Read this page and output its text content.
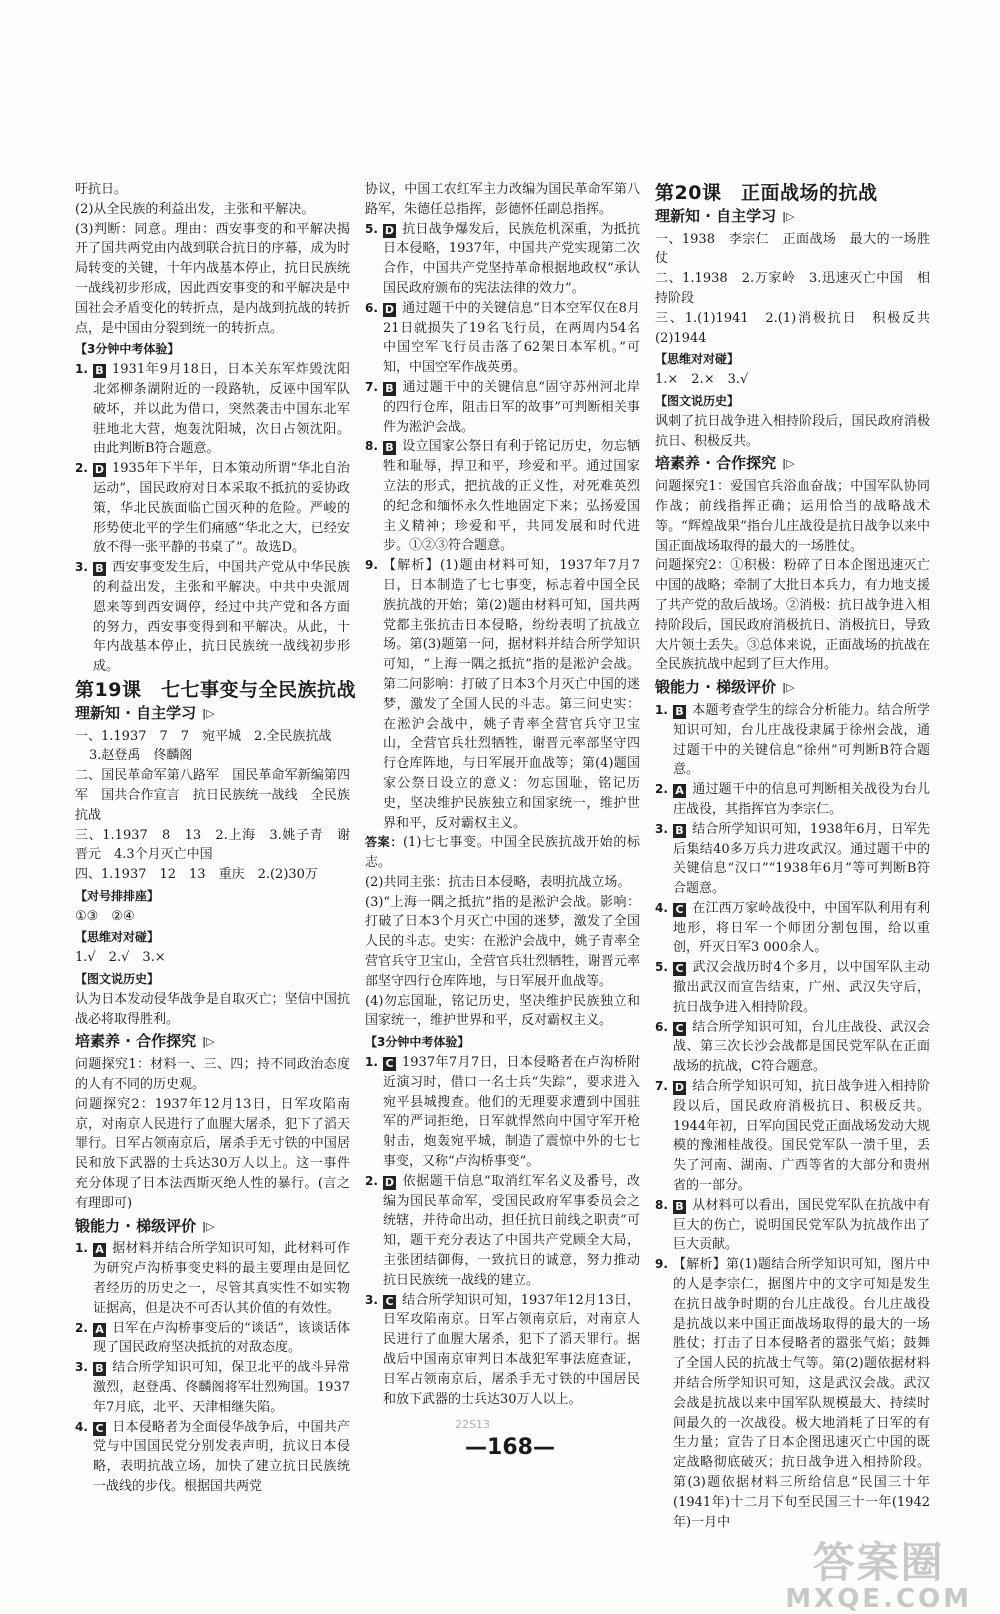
吁抗日。

(2)从全民族的利益出发，主张和平解决。

(3)判断：同意。理由：西安事变的和平解决揭开了国共两党由内战到联合抗日的序幕，成为时局转变的关键，十年内战基本停止，抗日民族统一战线初步形成，因此西安事变的和平解决是中国社会矛盾变化的转折点，是内战到抗战的转折点，是中国由分裂到统一的转折点。

【3分钟中考体验】

1. B 1931年9月18日，日本关东军炸毁沈阳北郊柳条湖附近的一段路轨，反诬中国军队破坏，并以此为借口，突然袭击中国东北军驻地北大营，炮轰沈阳城，次日占领沈阳。由此判断B符合题意。

2. D 1935年下半年，日本策动所谓“华北自治运动”，国民政府对日本采取不抵抗的妥协政策，华北民族面临亡国灭种的危险。严峻的形势使北平的学生们痛感“华北之大，已经安放不得一张平静的书桌了”。故选D。

3. B 西安事变发生后，中国共产党从中华民族的利益出发，主张和平解决。中共中央派周恩来等到西安调停，经过中共产党和各方面的努力，西安事变得到和平解决。从此，十年内战基本停止，抗日民族统一战线初步形成。

第19课　七七事变与全民族抗战
理新知 · 自主学习 |▷

一、1.1937　7　7　宛平城　2.全民族抗战

3.赵登禹　佟麟阁

二、国民革命军第八路军　国民革命军新编第四军　国共合作宣言　抗日民族统一战线　全民族抗战

三、1.1937　8　13　2.上海　3.姚子青　谢晋元　4.3个月灭亡中国

四、1.1937　12　13　重庆　2.(2)30万

【对号排排座】

①③　②④

【思维对对碰】

1.√　2.√　3.×

【图文说历史】

认为日本发动侵华战争是自取灭亡；坚信中国抗战必将取得胜利。

培素养 · 合作探究 |▷

问题探究1：材料一、三、四；持不同政治态度的人有不同的历史观。

问题探究2：1937年12月13日，日军攻陷南京，对南京人民进行了血腥大屠杀，犯下了滔天罪行。日军占领南京后，屠杀手无寸铁的中国居民和放下武器的士兵达30万人以上。这一事件充分体现了日本法西斯灭绝人性的暴行。(言之有理即可)

锻能力 · 梯级评价 |▷

1. A 据材料并结合所学知识可知，此材料可作为研究卢沟桥事变史料的最主要理由是回忆者经历的历史之一，尽管其真实性不如实物证据高，但是决不可否认其价值的有效性。

2. A 日军在卢沟桥事变后的“谈话”，该谈话体现了国民政府坚决抵抗的对敌态度。

3. B 结合所学知识可知，保卫北平的战斗异常激烈，赵登禹、佟麟阁将军壮烈殉国。1937年7月底，北平、天津相继失陷。

4. C 日本侵略者为全面侵华战争后，中国共产党与中国国民党分别发表声明，抗议日本侵略，表明抗战立场，加快了建立抗日民族统一战线的步伐。根据国共两党

协议，中国工农红军主力改编为国民革命军第八路军，朱德任总指挥，彭德怀任副总指挥。

5. D 抗日战争爆发后，民族危机深重，为抵抗日本侵略，1937年，中国共产党实现第二次合作，中国共产党坚持革命根据地政权“承认国民政府颁布的宪法法律的效力”。

6. D 通过题干中的关键信息“日本空军仅在8月21日就损失了19名飞行员，在两周内54名中国空军飞行员击落了62架日本军机。”可知，中国空军作战英勇。

7. B 通过题干中的关键信息“固守苏州河北岸的四行仓库，阻击日军的故事”可判断相关事件为淞沪会战。

8. B 设立国家公祭日有利于铭记历史，勿忘牺牲和耻辱，捍卫和平，珍爱和平。通过国家立法的形式，把抗战的正义性，对死难英烈的纪念和缅怀永久性地固定下来；弘扬爱国主义精神；珍爱和平，共同发展和时代进步。①②③符合题意。

9. 【解析】(1)题由材料可知，1937年7月7日，日本制造了七七事变，标志着中国全民族抗战的开始；第(2)题由材料可知，国共两党都主张抗击日本侵略，纷纷表明了抗战立场。第(3)题第一问，据材料并结合所学知识可知，“上海一隅之抵抗”指的是淞沪会战。第二问影响：打破了日本3个月灭亡中国的迷梦，激发了全国人民的斗志。第三问史实：在淞沪会战中，姚子青率全营官兵守卫宝山，全营官兵壮烈牺牲，谢晋元率部坚守四行仓库阵地，与日军展开血战等；第(4)题国家公祭日设立的意义：勿忘国耻，铭记历史，坚决维护民族独立和国家统一，维护世界和平，反对霸权主义。

答案：(1)七七事变。中国全民族抗战开始的标志。

(2)共同主张：抗击日本侵略，表明抗战立场。

(3)“上海一隅之抵抗”指的是淞沪会战。影响：打破了日本3个月灭亡中国的迷梦，激发了全国人民的斗志。史实：在淞沪会战中，姚子青率全营官兵守卫宝山，全营官兵壮烈牺牲，谢晋元率部坚守四行仓库阵地，与日军展开血战等。

(4)勿忘国耻，铭记历史，坚决维护民族独立和国家统一，维护世界和平，反对霸权主义。

【3分钟中考体验】

1. C 1937年7月7日，日本侵略者在卢沟桥附近演习时，借口一名士兵“失踪”，要求进入宛平县城搜查。他们的无理要求遭到中国驻军的严词拒绝，日军就悍然向中国守军开枪射击，炮轰宛平城，制造了震惊中外的七七事变，又称“卢沟桥事变”。

2. D 依据题干信息“取消红军名义及番号，改编为国民革命军，受国民政府军事委员会之统辖，并待命出动，担任抗日前线之职责”可知，题干充分表达了中国共产党顾全大局，主张团结御侮，一致抗日的诚意，努力推动抗日民族统一战线的建立。

3. C 结合所学知识可知，1937年12月13日，日军攻陷南京。日军占领南京后，对南京人民进行了血腥大屠杀，犯下了滔天罪行。据战后中国南京审判日本战犯军事法庭查证，日军占领南京后，屠杀手无寸铁的中国居民和放下武器的士兵达30万人以上。

第20课　正面战场的抗战
理新知 · 自主学习 |▷

一、1938　李宗仁　正面战场　最大的一场胜仗

二、1.1938　2.万家岭　3.迅速灭亡中国　相持阶段

三、1.(1)1941　2.(1)消极抗日　积极反共　(2)1944

【思维对对碰】

1.×　2.×　3.√

【图文说历史】

讽刺了抗日战争进入相持阶段后，国民政府消极抗日、积极反共。

培素养 · 合作探究 |▷

问题探究1：爱国官兵浴血奋战；中国军队协同作战；前线指挥正确；运用恰当的战略战术等。“辉煌战果”指台儿庄战役是抗日战争以来中国正面战场取得的最大的一场胜仗。

问题探究2：①积极：粉碎了日本企图迅速灭亡中国的战略；牵制了大批日本兵力，有力地支援了共产党的敌后战场。②消极：抗日战争进入相持阶段后，国民政府消极抗日、消极抗日，导致大片领土丢失。③总体来说，正面战场的抗战在全民族抗战中起到了巨大作用。

锻能力 · 梯级评价 |▷

1. B 本题考查学生的综合分析能力。结合所学知识可知，台儿庄战役隶属于徐州会战，通过题干中的关键信息“徐州”可判断B符合题意。

2. A 通过题干中的信息可判断相关战役为台儿庄战役，其指挥官为李宗仁。

3. B 结合所学知识可知，1938年6月，日军先后集结40多万兵力进攻武汉。通过题干中的关键信息“汉口”“1938年6月”等可判断B符合题意。

4. C 在江西万家岭战役中，中国军队利用有利地形，将日军一个师团分割包围，给以重创，歼灭日军3 000余人。

5. C 武汉会战历时4个多月，以中国军队主动撤出武汉而宣告结束，广州、武汉失守后，抗日战争进入相持阶段。

6. C 结合所学知识可知，台儿庄战役、武汉会战、第三次长沙会战都是国民党军队在正面战场的抗战，C符合题意。

7. D 结合所学知识可知，抗日战争进入相持阶段以后，国民政府消极抗日、积极反共。1944年初，日军向国民党正面战场发动大规模的豫湘桂战役。国民党军队一溃千里，丢失了河南、湖南、广西等省的大部分和贵州省的一部分。

8. B 从材料可以看出，国民党军队在抗战中有巨大的伤亡，说明国民党军队为抗战作出了巨大贡献。

9. 【解析】第(1)题结合所学知识可知，图片中的人是李宗仁，据图片中的文字可知是发生在抗日战争时期的台儿庄战役。台儿庄战役是抗战以来中国正面战场取得的最大的一场胜仗；打击了日本侵略者的嚣张气焰；鼓舞了全国人民的抗战士气等。第(2)题依据材料并结合所学知识可知，这是武汉会战。武汉会战是抗战以来中国军队规模最大、持续时间最久的一次战役。极大地消耗了日军的有生力量；宣告了日本企图迅速灭亡中国的既定战略彻底破灭；抗日战争进入相持阶段。第(3)题依据材料三所给信息“民国三十年(1941年)十二月下旬至民国三十一年(1942年)一月中

22S13
—168—
答案圈
MXQE.COM
